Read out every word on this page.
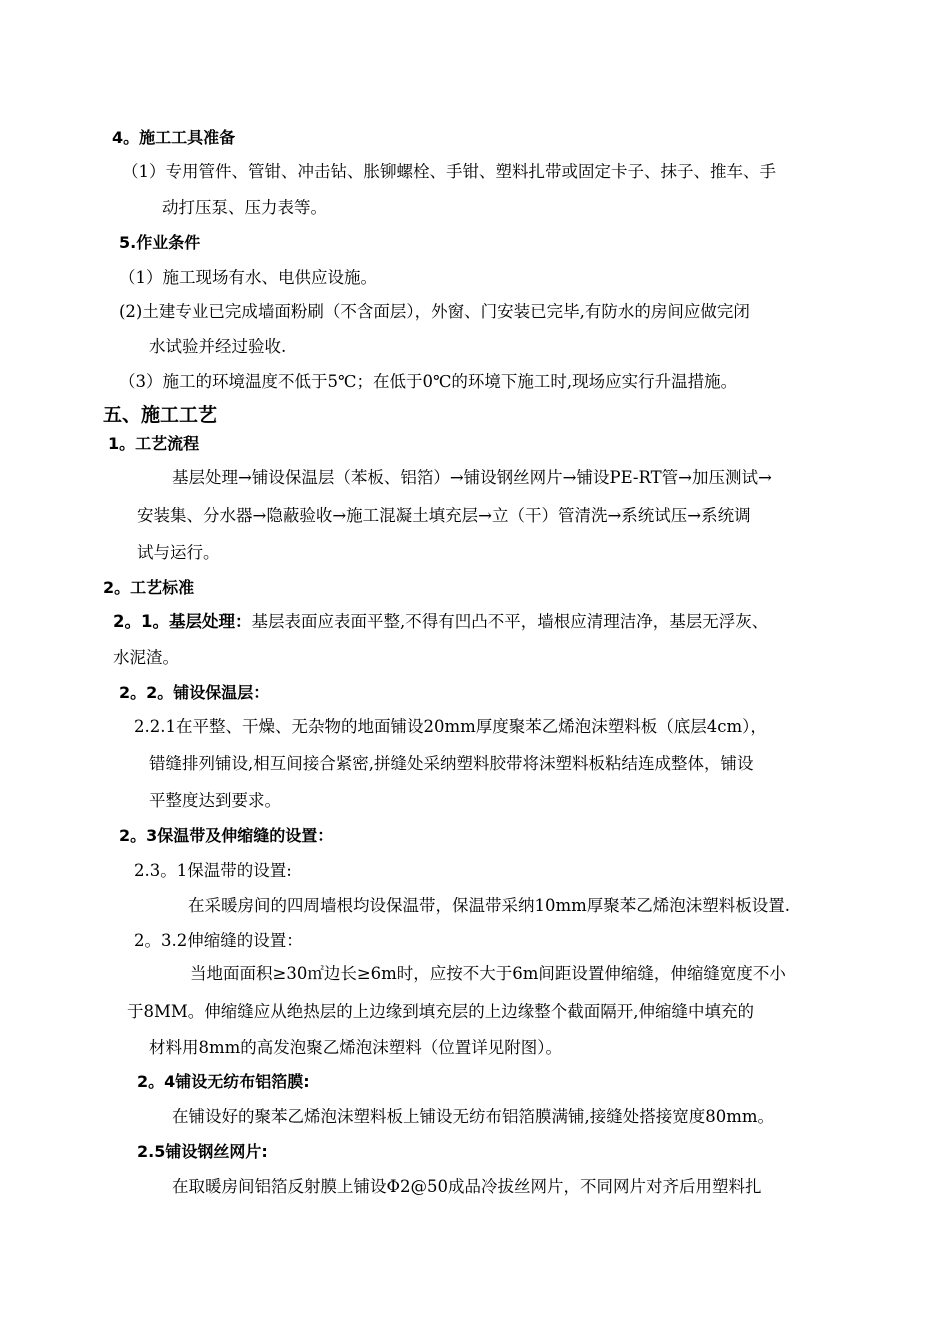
4。施工工具准备
（1）专用管件、管钳、冲击钻、胀铆螺栓、手钳、塑料扎带或固定卡子、抹子、推车、手
动打压泵、压力表等。
5.作业条件
（1）施工现场有水、电供应设施。
(2)土建专业已完成墙面粉刷（不含面层），外窗、门安装已完毕,有防水的房间应做完闭
水试验并经过验收.
（3）施工的环境温度不低于5℃；在低于0℃的环境下施工时,现场应实行升温措施。
五、施工工艺
1。工艺流程
基层处理→铺设保温层（苯板、铝箔）→铺设钢丝网片→铺设PE-RT管→加压测试→
安装集、分水器→隐蔽验收→施工混凝土填充层→立（干）管清洗→系统试压→系统调
试与运行。
2。工艺标准
2。1。基层处理：基层表面应表面平整,不得有凹凸不平，墙根应清理洁净，基层无浮灰、
水泥渣。
2。2。铺设保温层：
2.2.1在平整、干燥、无杂物的地面铺设20mm厚度聚苯乙烯泡沫塑料板（底层4cm），
错缝排列铺设,相互间接合紧密,拼缝处采纳塑料胶带将沫塑料板粘结连成整体，铺设
平整度达到要求。
2。3保温带及伸缩缝的设置：
2.3。1保温带的设置:
在采暖房间的四周墙根均设保温带，保温带采纳10mm厚聚苯乙烯泡沫塑料板设置.
2。3.2伸缩缝的设置：
当地面面积≥30㎡边长≥6m时，应按不大于6m间距设置伸缩缝，伸缩缝宽度不小
于8MM。伸缩缝应从绝热层的上边缘到填充层的上边缘整个截面隔开,伸缩缝中填充的
材料用8mm的高发泡聚乙烯泡沫塑料（位置详见附图）。
2。4铺设无纺布铝箔膜:
在铺设好的聚苯乙烯泡沫塑料板上铺设无纺布铝箔膜满铺,接缝处搭接宽度80mm。
2.5铺设钢丝网片:
在取暖房间铝箔反射膜上铺设Φ2@50成品冷拔丝网片，不同网片对齐后用塑料扎
